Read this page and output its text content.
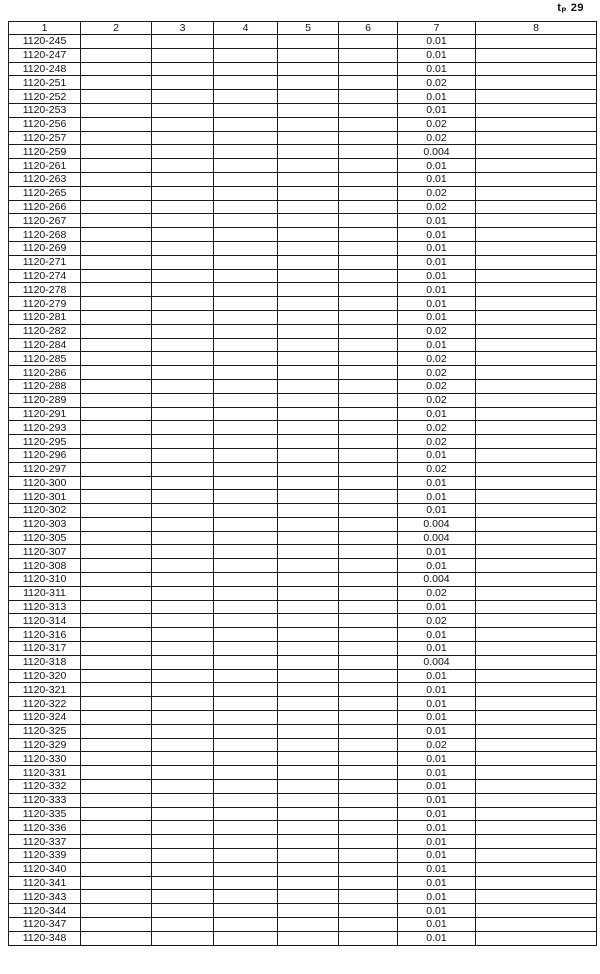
tₚ 29
1	2	3	4	5	6	7	8
1120-245						0.01	
1120-247						0.01	
1120-248						0.01	
1120-251						0.02	
1120-252						0.01	
1120-253						0.01	
1120-256						0.02	
1120-257						0.02	
1120-259						0.004	
1120-261						0.01	
1120-263						0.01	
1120-265						0.02	
1120-266						0.02	
1120-267						0.01	
1120-268						0.01	
1120-269						0.01	
1120-271						0.01	
1120-274						0.01	
1120-278						0.01	
1120-279						0.01	
1120-281						0.01	
1120-282						0.02	
1120-284						0.01	
1120-285						0.02	
1120-286						0.02	
1120-288						0.02	
1120-289						0.02	
1120-291						0.01	
1120-293						0.02	
1120-295						0.02	
1120-296						0.01	
1120-297						0.02	
1120-300						0.01	
1120-301						0.01	
1120-302						0.01	
1120-303						0.004	
1120-305						0.004	
1120-307						0.01	
1120-308						0.01	
1120-310						0.004	
1120-311						0.02	
1120-313						0.01	
1120-314						0.02	
1120-316						0.01	
1120-317						0.01	
1120-318						0.004	
1120-320						0.01	
1120-321						0.01	
1120-322						0.01	
1120-324						0.01	
1120-325						0.01	
1120-329						0.02	
1120-330						0.01	
1120-331						0.01	
1120-332						0.01	
1120-333						0.01	
1120-335						0.01	
1120-336						0.01	
1120-337						0.01	
1120-339						0.01	
1120-340						0.01	
1120-341						0.01	
1120-343						0.01	
1120-344						0.01	
1120-347						0.01	
1120-348						0.01	
